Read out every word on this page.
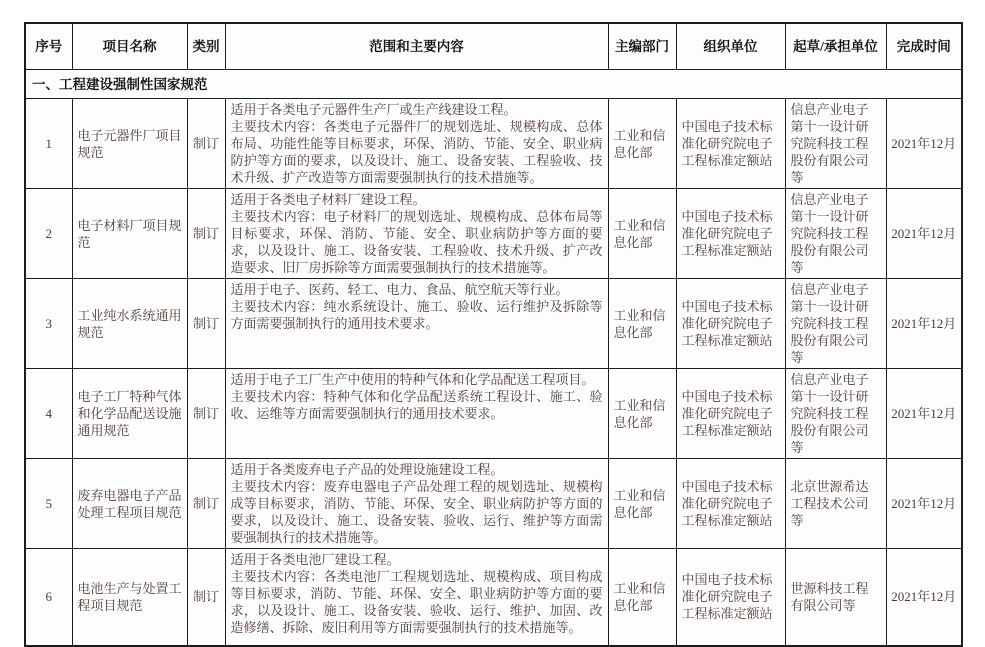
序号	项目名称	类别	范围和主要内容	主编部门	组织单位	起草/承担单位	完成时间
一、工程建设强制性国家规范							
1	电子元器件厂项目规范	制订	适用于各类电子元器件生产厂或生产线建设工程。

主要技术内容：各类电子元器件厂的规划选址、规模构成、总体布局、功能性能等目标要求，环保、消防、节能、安全、职业病防护等方面的要求，以及设计、施工、设备安装、工程验收、技术升级、扩产改造等方面需要强制执行的技术措施等。	工业和信息化部	中国电子技术标准化研究院电子工程标准定额站	信息产业电子第十一设计研究院科技工程股份有限公司等	2021年12月
2	电子材料厂项目规范	制订	适用于各类电子材料厂建设工程。

主要技术内容：电子材料厂的规划选址、规模构成、总体布局等目标要求，环保、消防、节能、安全、职业病防护等方面的要求，以及设计、施工、设备安装、工程验收、技术升级、扩产改造要求、旧厂房拆除等方面需要强制执行的技术措施等。	工业和信息化部	中国电子技术标准化研究院电子工程标准定额站	信息产业电子第十一设计研究院科技工程股份有限公司等	2021年12月
3	工业纯水系统通用规范	制订	适用于电子、医药、轻工、电力、食品、航空航天等行业。

主要技术内容：纯水系统设计、施工、验收、运行维护及拆除等方面需要强制执行的通用技术要求。	工业和信息化部	中国电子技术标准化研究院电子工程标准定额站	信息产业电子第十一设计研究院科技工程股份有限公司等	2021年12月
4	电子工厂特种气体和化学品配送设施通用规范	制订	适用于电子工厂生产中使用的特种气体和化学品配送工程项目。

主要技术内容：特种气体和化学品配送系统工程设计、施工、验收、运维等方面需要强制执行的通用技术要求。	工业和信息化部	中国电子技术标准化研究院电子工程标准定额站	信息产业电子第十一设计研究院科技工程股份有限公司等	2021年12月
5	废弃电器电子产品处理工程项目规范	制订	适用于各类废弃电子产品的处理设施建设工程。

主要技术内容：废弃电器电子产品处理工程的规划选址、规模构成等目标要求，消防、节能、环保、安全、职业病防护等方面的要求，以及设计、施工、设备安装、验收、运行、维护等方面需要强制执行的技术措施等。	工业和信息化部	中国电子技术标准化研究院电子工程标准定额站	北京世源希达工程技术公司等	2021年12月
6	电池生产与处置工程项目规范	制订	适用于各类电池厂建设工程。

主要技术内容：各类电池厂工程规划选址、规模构成、项目构成等目标要求，消防、节能、环保、安全、职业病防护等方面的要求，以及设计、施工、设备安装、验收、运行、维护、加固、改造修缮、拆除、废旧利用等方面需要强制执行的技术措施等。	工业和信息化部	中国电子技术标准化研究院电子工程标准定额站	世源科技工程有限公司等	2021年12月
